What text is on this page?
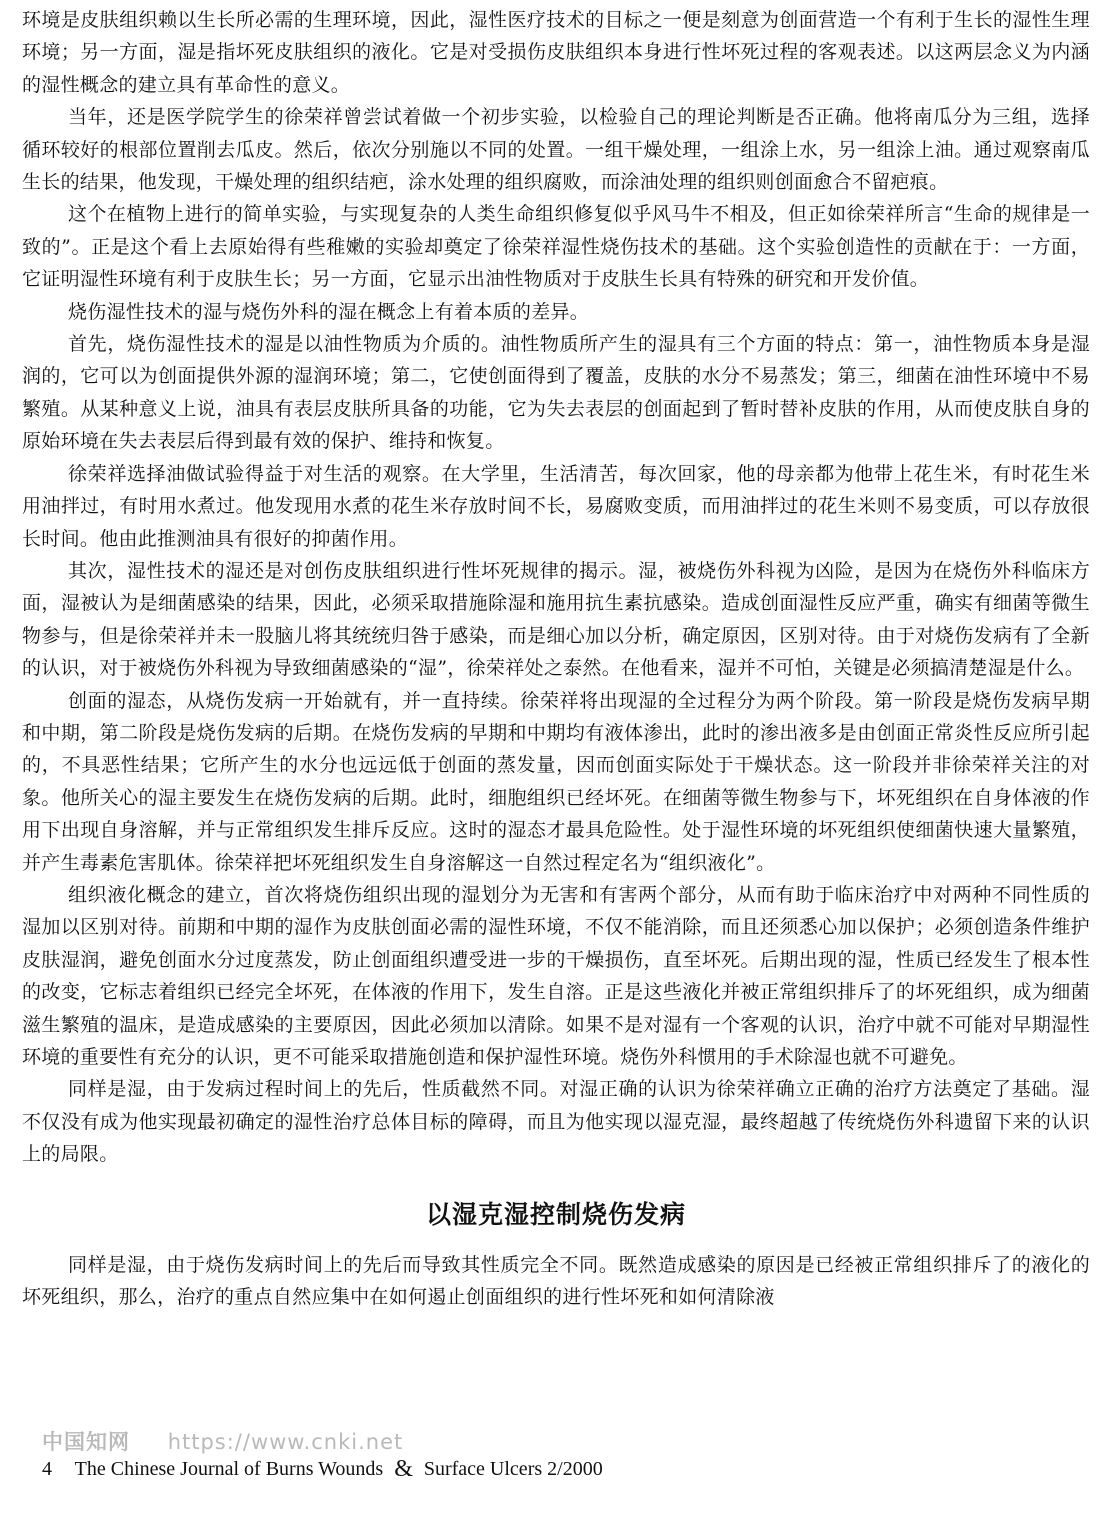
环境是皮肤组织赖以生长所必需的生理环境，因此，湿性医疗技术的目标之一便是刻意为创面营造一个有利于生长的湿性生理环境；另一方面，湿是指坏死皮肤组织的液化。它是对受损伤皮肤组织本身进行性坏死过程的客观表述。以这两层念义为内涵的湿性概念的建立具有革命性的意义。

当年，还是医学院学生的徐荣祥曾尝试着做一个初步实验，以检验自己的理论判断是否正确。他将南瓜分为三组，选择循环较好的根部位置削去瓜皮。然后，依次分别施以不同的处置。一组干燥处理，一组涂上水，另一组涂上油。通过观察南瓜生长的结果，他发现，干燥处理的组织结疤，涂水处理的组织腐败，而涂油处理的组织则创面愈合不留疤痕。

这个在植物上进行的简单实验，与实现复杂的人类生命组织修复似乎风马牛不相及，但正如徐荣祥所言“生命的规律是一致的”。正是这个看上去原始得有些稚嫩的实验却奠定了徐荣祥湿性烧伤技术的基础。这个实验创造性的贡献在于：一方面，它证明湿性环境有利于皮肤生长；另一方面，它显示出油性物质对于皮肤生长具有特殊的研究和开发价值。

烧伤湿性技术的湿与烧伤外科的湿在概念上有着本质的差异。

首先，烧伤湿性技术的湿是以油性物质为介质的。油性物质所产生的湿具有三个方面的特点：第一，油性物质本身是湿润的，它可以为创面提供外源的湿润环境；第二，它使创面得到了覆盖，皮肤的水分不易蒸发；第三，细菌在油性环境中不易繁殖。从某种意义上说，油具有表层皮肤所具备的功能，它为失去表层的创面起到了暂时替补皮肤的作用，从而使皮肤自身的原始环境在失去表层后得到最有效的保护、维持和恢复。

徐荣祥选择油做试验得益于对生活的观察。在大学里，生活清苦，每次回家，他的母亲都为他带上花生米，有时花生米用油拌过，有时用水煮过。他发现用水煮的花生米存放时间不长，易腐败变质，而用油拌过的花生米则不易变质，可以存放很长时间。他由此推测油具有很好的抑菌作用。

其次，湿性技术的湿还是对创伤皮肤组织进行性坏死规律的揭示。湿，被烧伤外科视为凶险，是因为在烧伤外科临床方面，湿被认为是细菌感染的结果，因此，必须采取措施除湿和施用抗生素抗感染。造成创面湿性反应严重，确实有细菌等微生物参与，但是徐荣祥并未一股脑儿将其统统归咎于感染，而是细心加以分析，确定原因，区别对待。由于对烧伤发病有了全新的认识，对于被烧伤外科视为导致细菌感染的“湿”，徐荣祥处之泰然。在他看来，湿并不可怕，关键是必须搞清楚湿是什么。

创面的湿态，从烧伤发病一开始就有，并一直持续。徐荣祥将出现湿的全过程分为两个阶段。第一阶段是烧伤发病早期和中期，第二阶段是烧伤发病的后期。在烧伤发病的早期和中期均有液体渗出，此时的渗出液多是由创面正常炎性反应所引起的，不具恶性结果；它所产生的水分也远远低于创面的蒸发量，因而创面实际处于干燥状态。这一阶段并非徐荣祥关注的对象。他所关心的湿主要发生在烧伤发病的后期。此时，细胞组织已经坏死。在细菌等微生物参与下，坏死组织在自身体液的作用下出现自身溶解，并与正常组织发生排斥反应。这时的湿态才最具危险性。处于湿性环境的坏死组织使细菌快速大量繁殖，并产生毒素危害肌体。徐荣祥把坏死组织发生自身溶解这一自然过程定名为“组织液化”。

组织液化概念的建立，首次将烧伤组织出现的湿划分为无害和有害两个部分，从而有助于临床治疗中对两种不同性质的湿加以区别对待。前期和中期的湿作为皮肤创面必需的湿性环境，不仅不能消除，而且还须悉心加以保护；必须创造条件维护皮肤湿润，避免创面水分过度蒸发，防止创面组织遭受进一步的干燥损伤，直至坏死。后期出现的湿，性质已经发生了根本性的改变，它标志着组织已经完全坏死，在体液的作用下，发生自溶。正是这些液化并被正常组织排斥了的坏死组织，成为细菌滋生繁殖的温床，是造成感染的主要原因，因此必须加以清除。如果不是对湿有一个客观的认识，治疗中就不可能对早期湿性环境的重要性有充分的认识，更不可能采取措施创造和保护湿性环境。烧伤外科惯用的手术除湿也就不可避免。

同样是湿，由于发病过程时间上的先后，性质截然不同。对湿正确的认识为徐荣祥确立正确的治疗方法奠定了基础。湿不仅没有成为他实现最初确定的湿性治疗总体目标的障碍，而且为他实现以湿克湿，最终超越了传统烧伤外科遗留下来的认识上的局限。

以湿克湿控制烧伤发病

同样是湿，由于烧伤发病时间上的先后而导致其性质完全不同。既然造成感染的原因是已经被正常组织排斥了的液化的坏死组织，那么，治疗的重点自然应集中在如何遏止创面组织的进行性坏死和如何清除液

中国知网 https://www.cnki.net
4 The Chinese Journal of Burns Wounds & Surface Ulcers 2/2000
